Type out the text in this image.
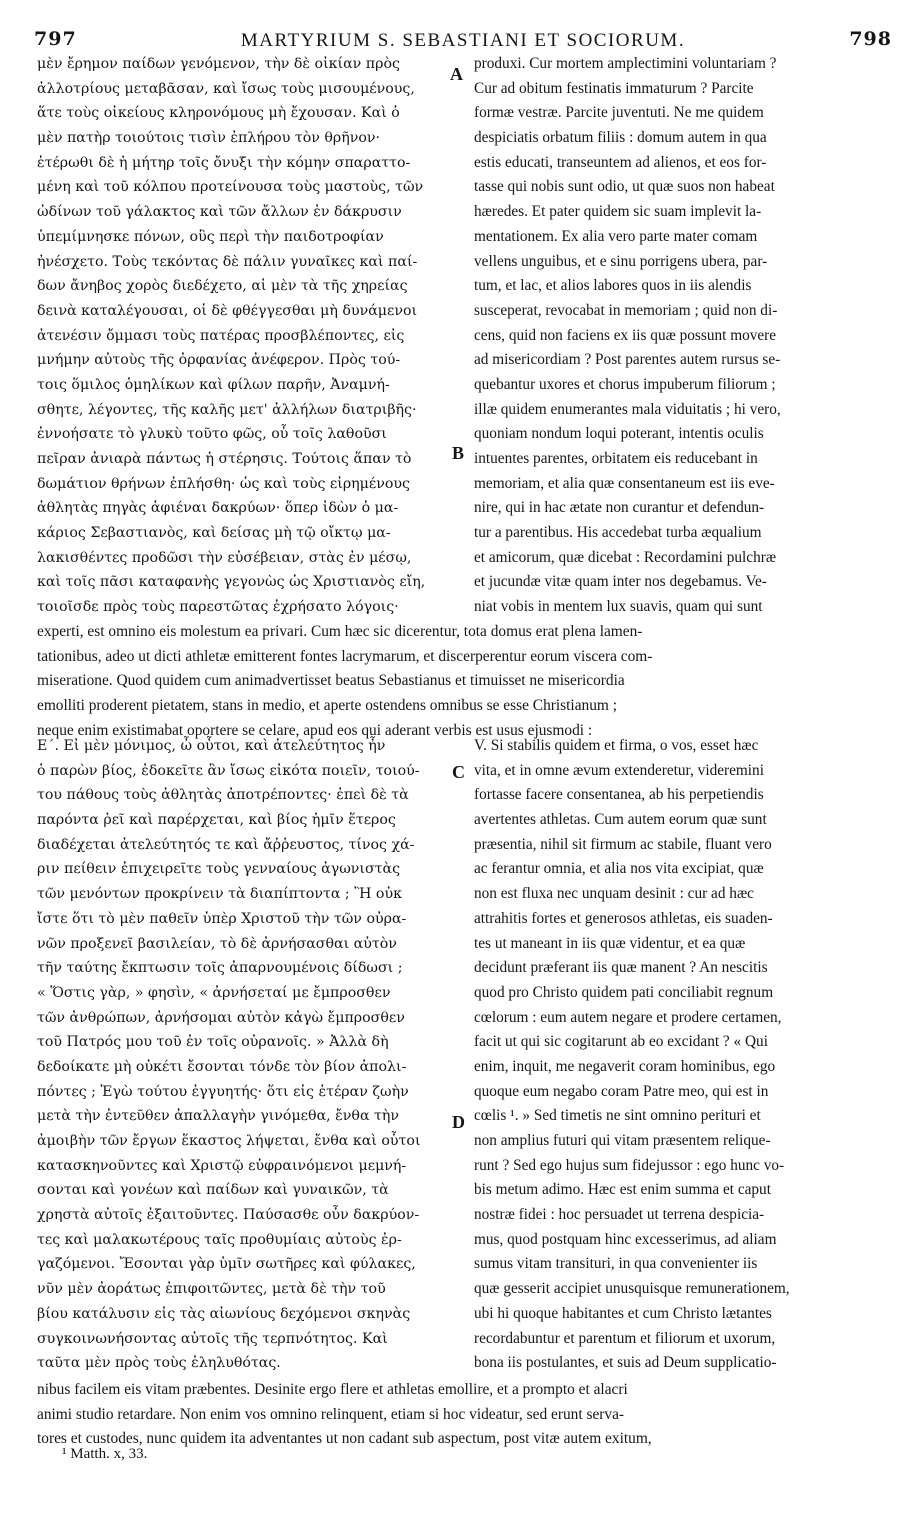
797	MARTYRIUM S. SEBASTIANI ET SOCIORUM.	798
μὲν ἔρημον παίδων γενόμενον, τὴν δὲ οἰκίαν πρὸς
ἀλλοτρίους μεταβᾶσαν, καὶ ἴσως τοὺς μισουμένους,
ἅτε τοὺς οἰκείους κληρονόμους μὴ ἔχουσαν. Καὶ ὁ
μὲν πατὴρ τοιούτοις τισὶν ἐπλήρου τὸν θρῆνον·
ἑτέρωθι δὲ ἡ μήτηρ τοῖς ὄνυξι τὴν κόμην σπαραττο-
μένη καὶ τοῦ κόλπου προτείνουσα τοὺς μαστοὺς, τῶν
ὠδίνων τοῦ γάλακτος καὶ τῶν ἄλλων ἐν δάκρυσιν
ὑπεμίμνησκε πόνων, οὓς περὶ τὴν παιδοτροφίαν
ἠνέσχετο. Τοὺς τεκόντας δὲ πάλιν γυναῖκες καὶ παί-
δων ἄνηβος χορὸς διεδέχετο, αἱ μὲν τὰ τῆς χηρείας
δεινὰ καταλέγουσαι, οἱ δὲ φθέγγεσθαι μὴ δυνάμενοι
ἀτενέσιν ὄμμασι τοὺς πατέρας προσβλέποντες, εἰς
μνήμην αὐτοὺς τῆς ὀρφανίας ἀνέφερον. Πρὸς τού-
τοις ὅμιλος ὁμηλίκων καὶ φίλων παρῆν, Ἀναμνή-
σθητε, λέγοντες, τῆς καλῆς μετ' ἀλλήλων διατριβῆς·
ἐννοήσατε τὸ γλυκὺ τοῦτο φῶς, οὗ τοῖς λαθοῦσι
πεῖραν ἀνιαρὰ πάντως ἡ στέρησις. Τούτοις ἅπαν τὸ
δωμάτιον θρήνων ἐπλήσθη· ὡς καὶ τοὺς εἰρημένους
ἀθλητὰς πηγὰς ἀφιέναι δακρύων· ὅπερ ἰδὼν ὁ μα-
κάριος Σεβαστιανὸς, καὶ δείσας μὴ τῷ οἴκτῳ μα-
λακισθέντες προδῶσι τὴν εὐσέβειαν, στὰς ἐν μέσῳ,
καὶ τοῖς πᾶσι καταφανὴς γεγονὼς ὡς Χριστιανὸς εἴη,
τοιοῖσδε πρὸς τοὺς παρεστῶτας ἐχρήσατο λόγοις·
produxi. Cur mortem amplectimini voluntariam ?
Cur ad obitum festinatis immaturum ? Parcite
formæ vestræ. Parcite juventuti. Ne me quidem
despiciatis orbatum filiis : domum autem in qua
estis educati, transeuntem ad alienos, et eos for-
tasse qui nobis sunt odio, ut quæ suos non habeat
hæredes. Et pater quidem sic suam implevit la-
mentationem. Ex alia vero parte mater comam
vellens unguibus, et e sinu porrigens ubera, par-
tum, et lac, et alios labores quos in iis alendis
susceperat, revocabat in memoriam ; quid non di-
cens, quid non faciens ex iis quæ possunt movere
ad misericordiam ? Post parentes autem rursus se-
quebantur uxores et chorus impuberum filiorum ;
illæ quidem enumerantes mala viduitatis ; hi vero,
quoniam nondum loqui poterant, intentis oculis
intuentes parentes, orbitatem eis reducebant in
memoriam, et alia quæ consentaneum est iis eve-
nire, qui in hac ætate non curantur et defendun-
tur a parentibus. His accedebat turba æqualium
et amicorum, quæ dicebat : Recordamini pulchræ
et jucundæ vitæ quam inter nos degebamus. Ve-
niat vobis in mentem lux suavis, quam qui sunt
experti, est omnino eis molestum ea privari. Cum hæc sic dicerentur, tota domus erat plena lamen-
tationibus, adeo ut dicti athletæ emitterent fontes lacrymarum, et discerperentur eorum viscera com-
miseratione. Quod quidem cum animadvertisset beatus Sebastianus et timuisset ne misericordia
emolliti proderent pietatem, stans in medio, et aperte ostendens omnibus se esse Christianum ;
neque enim existimabat oportere se celare, apud eos qui aderant verbis est usus ejusmodi :
Ε΄. Εἰ μὲν μόνιμος, ὦ οὗτοι, καὶ ἀτελεύτητος ἦν
ὁ παρὼν βίος, ἐδοκεῖτε ἂν ἴσως εἰκότα ποιεῖν, τοιού-
του πάθους τοὺς ἀθλητὰς ἀποτρέποντες· ἐπεὶ δὲ τὰ
παρόντα ῥεῖ καὶ παρέρχεται, καὶ βίος ἡμῖν ἕτερος
διαδέχεται ἀτελεύτητός τε καὶ ἄῤῥευστος, τίνος χά-
ριν πείθειν ἐπιχειρεῖτε τοὺς γενναίους ἀγωνιστὰς
τῶν μενόντων προκρίνειν τὰ διαπίπτοντα ; Ἢ οὐκ
ἴστε ὅτι τὸ μὲν παθεῖν ὑπὲρ Χριστοῦ τὴν τῶν οὐρα-
νῶν προξενεῖ βασιλείαν, τὸ δὲ ἀρνήσασθαι αὐτὸν
τῆν ταύτης ἔκπτωσιν τοῖς ἀπαρνουμένοις δίδωσι ;
« Ὅστις γὰρ, » φησὶν, « ἀρνήσεταί με ἔμπροσθεν
τῶν ἀνθρώπων, ἀρνήσομαι αὐτὸν κἀγὼ ἔμπροσθεν
τοῦ Πατρός μου τοῦ ἐν τοῖς οὐρανοῖς. » Ἀλλὰ δὴ
δεδοίκατε μὴ οὐκέτι ἔσονται τόνδε τὸν βίον ἀπολι-
πόντες ; Ἐγὼ τούτου ἐγγυητής· ὅτι εἰς ἑτέραν ζωὴν
μετὰ τὴν ἐντεῦθεν ἀπαλλαγὴν γινόμεθα, ἔνθα τὴν
ἀμοιβὴν τῶν ἔργων ἕκαστος λήψεται, ἔνθα καὶ οὗτοι
κατασκηνοῦντες καὶ Χριστῷ εὐφραινόμενοι μεμνή-
σονται καὶ γονέων καὶ παίδων καὶ γυναικῶν, τὰ
χρηστὰ αὐτοῖς ἐξαιτοῦντες. Παύσασθε οὖν δακρύον-
τες καὶ μαλακωτέρους ταῖς προθυμίαις αὐτοὺς ἐρ-
γαζόμενοι. Ἔσονται γὰρ ὑμῖν σωτῆρες καὶ φύλακες,
νῦν μὲν ἀοράτως ἐπιφοιτῶντες, μετὰ δὲ τὴν τοῦ
βίου κατάλυσιν εἰς τὰς αἰωνίους δεχόμενοι σκηνὰς
συγκοινωνήσοντας αὐτοῖς τῆς τερπνότητος. Καὶ
ταῦτα μὲν πρὸς τοὺς ἐληλυθότας.
V. Si stabilis quidem et firma, o vos, esset hæc
vita, et in omne ævum extenderetur, videremini
fortasse facere consentanea, ab his perpetiendis
avertentes athletas. Cum autem eorum quæ sunt
præsentia, nihil sit firmum ac stabile, fluant vero
ac ferantur omnia, et alia nos vita excipiat, quæ
non est fluxa nec unquam desinit : cur ad hæc
attrahitis fortes et generosos athletas, eis suaden-
tes ut maneant in iis quæ videntur, et ea quæ
decidunt præferant iis quæ manent ? An nescitis
quod pro Christo quidem pati conciliabit regnum
cœlorum : eum autem negare et prodere certamen,
facit ut qui sic cogitarunt ab eo excidant ? « Qui
enim, inquit, me negaverit coram hominibus, ego
quoque eum negabo coram Patre meo, qui est in
cœlis ¹. » Sed timetis ne sint omnino perituri et
non amplius futuri qui vitam præsentem relique-
runt ? Sed ego hujus sum fidejussor : ego hunc vo-
bis metum adimo. Hæc est enim summa et caput
nostræ fidei : hoc persuadet ut terrena despicia-
mus, quod postquam hinc excesserimus, ad aliam
sumus vitam transituri, in qua convenienter iis
quæ gesserit accipiet unusquisque remunerationem,
ubi hi quoque habitantes et cum Christo lætantes
recordabuntur et parentum et filiorum et uxorum,
bona iis postulantes, et suis ad Deum supplicatio-
nibus facilem eis vitam præbentes. Desinite ergo flere et athletas emollire, et a prompto et alacri
animi studio retardare. Non enim vos omnino relinquent, etiam si hoc videatur, sed erunt serva-
tores et custodes, nunc quidem ita adventantes ut non cadant sub aspectum, post vitæ autem exitum,
A
B
C
D
¹ Matth. x, 33.
